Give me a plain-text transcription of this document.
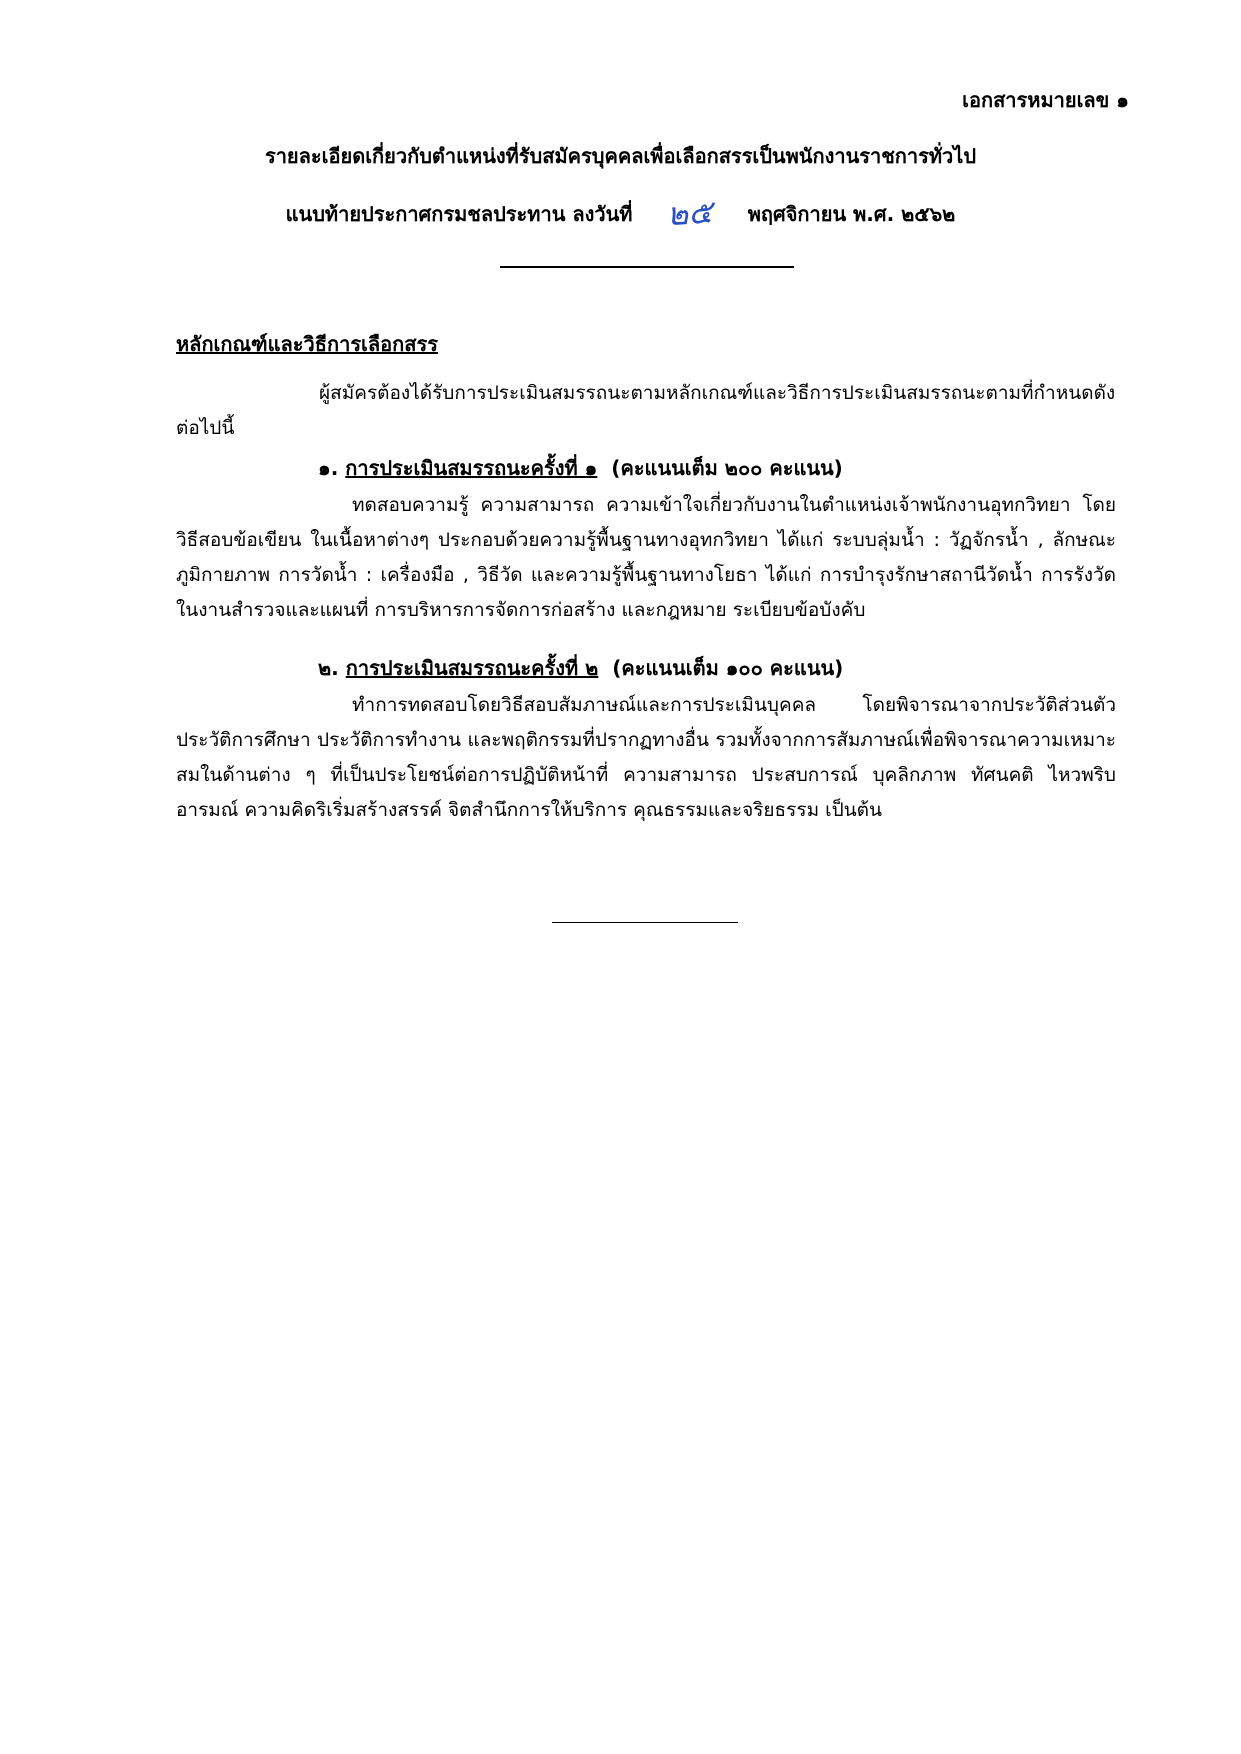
เอกสารหมายเลข ๑
รายละเอียดเกี่ยวกับตำแหน่งที่รับสมัครบุคคลเพื่อเลือกสรรเป็นพนักงานราชการทั่วไป
แนบท้ายประกาศกรมชลประทาน ลงวันที่ ๒๕ พฤศจิกายน พ.ศ. ๒๕๖๒
หลักเกณฑ์และวิธีการเลือกสรร
ผู้สมัครต้องได้รับการประเมินสมรรถนะตามหลักเกณฑ์และวิธีการประเมินสมรรถนะตามที่กำหนดดังต่อไปนี้
๑. การประเมินสมรรถนะครั้งที่ ๑ (คะแนนเต็ม ๒๐๐ คะแนน)
ทดสอบความรู้ ความสามารถ ความเข้าใจเกี่ยวกับงานในตำแหน่งเจ้าพนักงานอุทกวิทยา โดยวิธีสอบข้อเขียน ในเนื้อหาต่างๆ ประกอบด้วยความรู้พื้นฐานทางอุทกวิทยา ได้แก่ ระบบลุ่มน้ำ : วัฏจักรน้ำ , ลักษณะภูมิกายภาพ การวัดน้ำ : เครื่องมือ , วิธีวัด และความรู้พื้นฐานทางโยธา ได้แก่ การบำรุงรักษาสถานีวัดน้ำ การรังวัดในงานสำรวจและแผนที่ การบริหารการจัดการก่อสร้าง และกฎหมาย ระเบียบข้อบังคับ
๒. การประเมินสมรรถนะครั้งที่ ๒ (คะแนนเต็ม ๑๐๐ คะแนน)
ทำการทดสอบโดยวิธีสอบสัมภาษณ์และการประเมินบุคคล โดยพิจารณาจากประวัติส่วนตัว ประวัติการศึกษา ประวัติการทำงาน และพฤติกรรมที่ปรากฏทางอื่น รวมทั้งจากการสัมภาษณ์เพื่อพิจารณาความเหมาะสมในด้านต่าง ๆ ที่เป็นประโยชน์ต่อการปฏิบัติหน้าที่ ความสามารถ ประสบการณ์ บุคลิกภาพ ทัศนคติ ไหวพริบ อารมณ์ ความคิดริเริ่มสร้างสรรค์ จิตสำนึกการให้บริการ คุณธรรมและจริยธรรม เป็นต้น
